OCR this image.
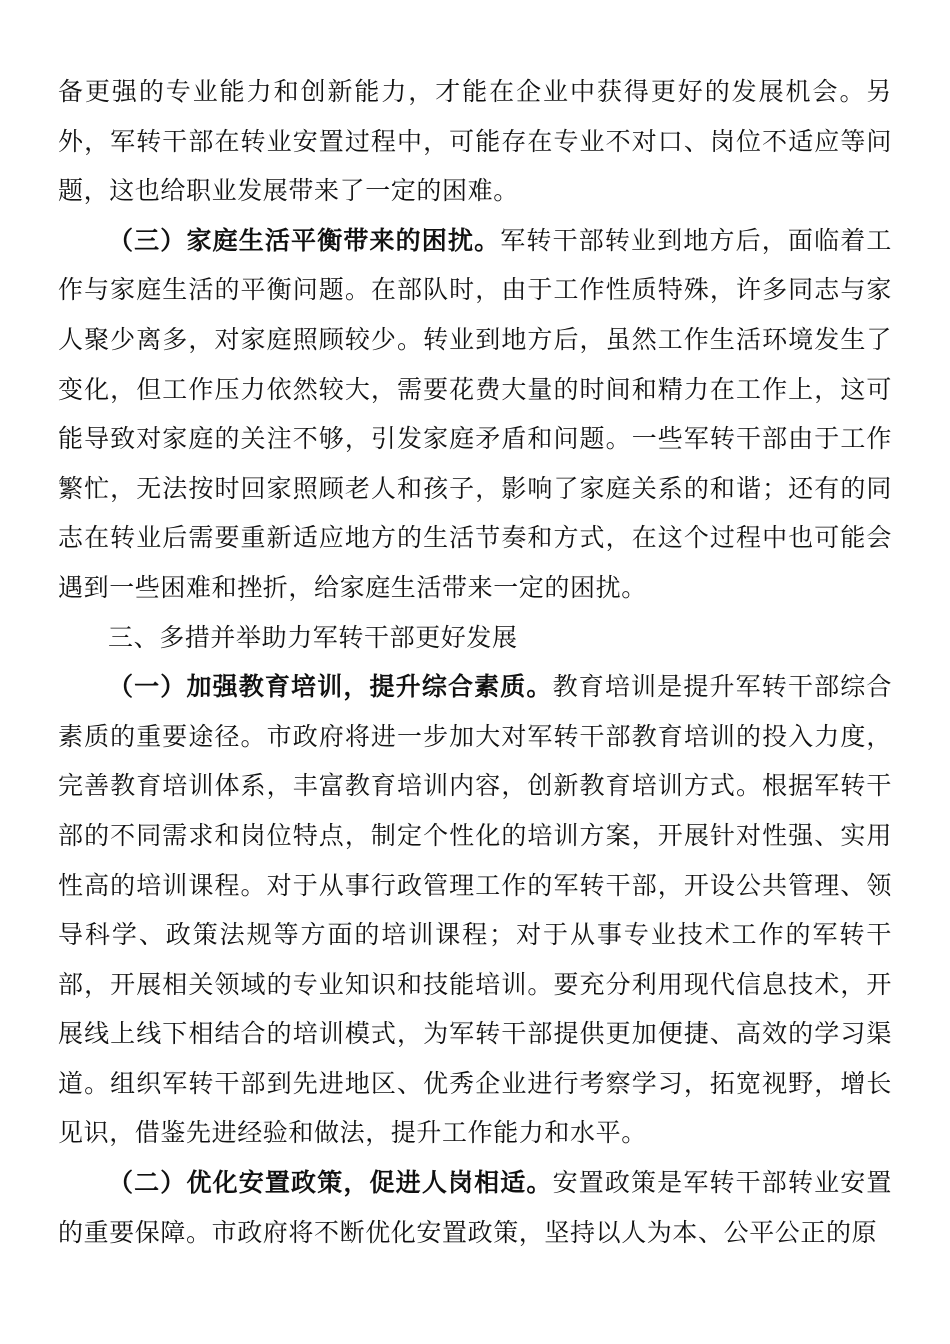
备更强的专业能力和创新能力，才能在企业中获得更好的发展机会。另外，军转干部在转业安置过程中，可能存在专业不对口、岗位不适应等问题，这也给职业发展带来了一定的困难。

（三）家庭生活平衡带来的困扰。军转干部转业到地方后，面临着工作与家庭生活的平衡问题。在部队时，由于工作性质特殊，许多同志与家人聚少离多，对家庭照顾较少。转业到地方后，虽然工作生活环境发生了变化，但工作压力依然较大，需要花费大量的时间和精力在工作上，这可能导致对家庭的关注不够，引发家庭矛盾和问题。一些军转干部由于工作繁忙，无法按时回家照顾老人和孩子，影响了家庭关系的和谐；还有的同志在转业后需要重新适应地方的生活节奏和方式，在这个过程中也可能会遇到一些困难和挫折，给家庭生活带来一定的困扰。

三、多措并举助力军转干部更好发展

（一）加强教育培训，提升综合素质。教育培训是提升军转干部综合素质的重要途径。市政府将进一步加大对军转干部教育培训的投入力度，完善教育培训体系，丰富教育培训内容，创新教育培训方式。根据军转干部的不同需求和岗位特点，制定个性化的培训方案，开展针对性强、实用性高的培训课程。对于从事行政管理工作的军转干部，开设公共管理、领导科学、政策法规等方面的培训课程；对于从事专业技术工作的军转干部，开展相关领域的专业知识和技能培训。要充分利用现代信息技术，开展线上线下相结合的培训模式，为军转干部提供更加便捷、高效的学习渠道。组织军转干部到先进地区、优秀企业进行考察学习，拓宽视野，增长见识，借鉴先进经验和做法，提升工作能力和水平。

（二）优化安置政策，促进人岗相适。安置政策是军转干部转业安置的重要保障。市政府将不断优化安置政策，坚持以人为本、公平公正的原
